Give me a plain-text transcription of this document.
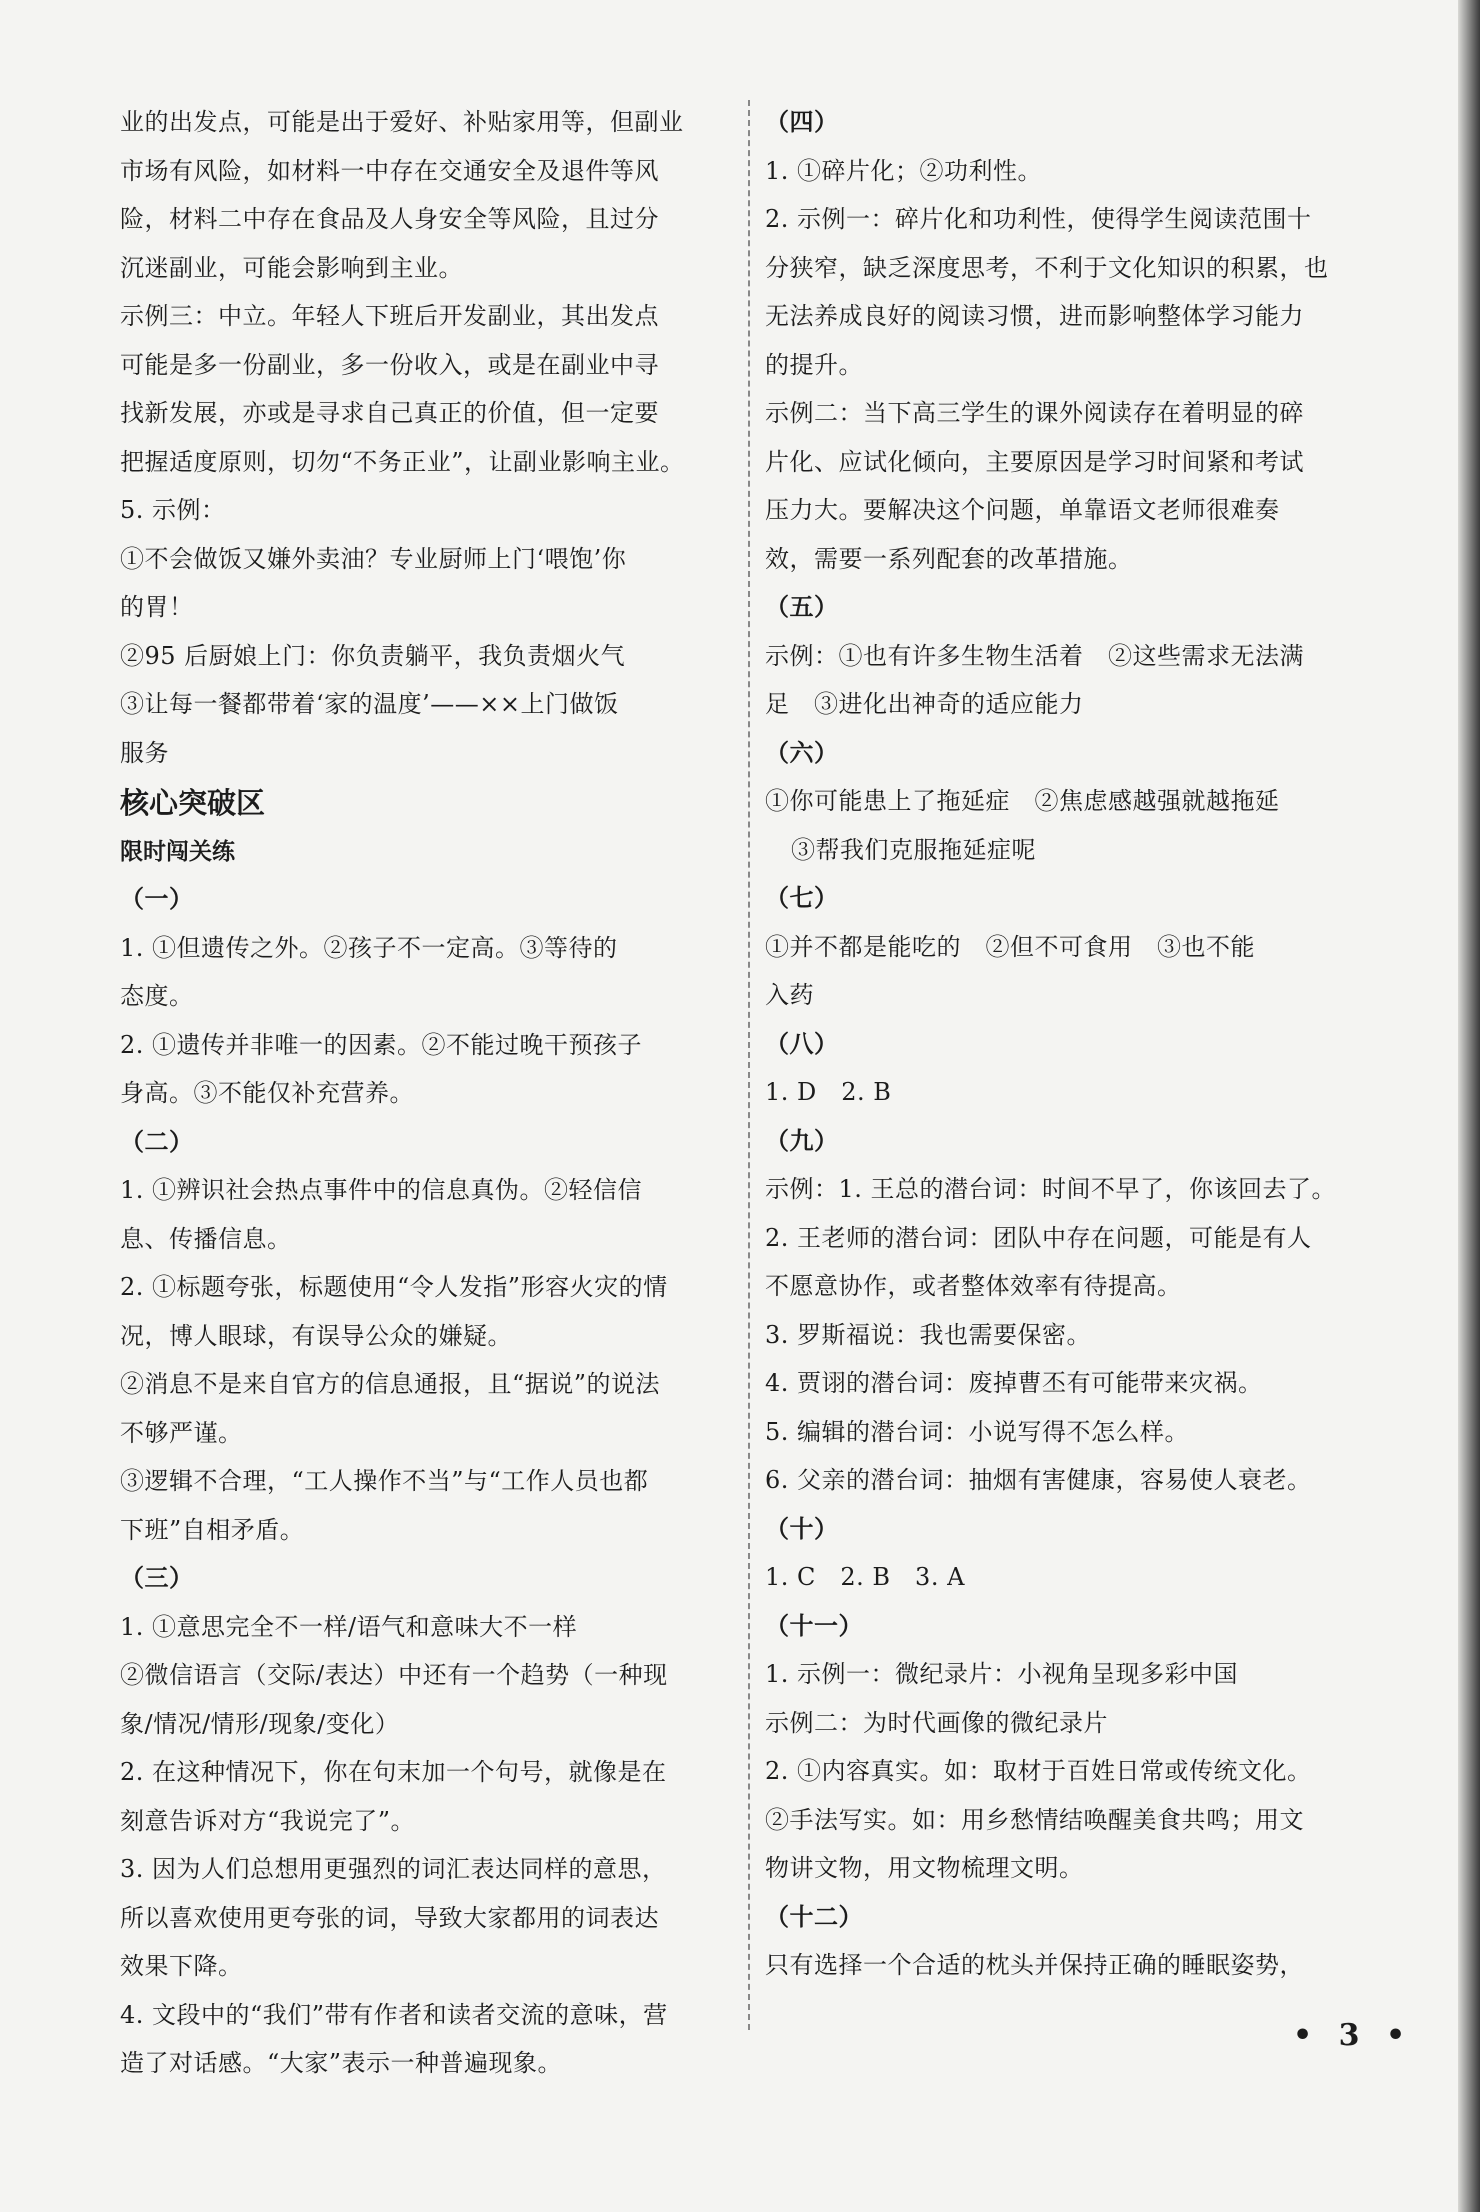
业的出发点，可能是出于爱好、补贴家用等，但副业
市场有风险，如材料一中存在交通安全及退件等风
险，材料二中存在食品及人身安全等风险，且过分
沉迷副业，可能会影响到主业。
示例三：中立。年轻人下班后开发副业，其出发点
可能是多一份副业，多一份收入，或是在副业中寻
找新发展，亦或是寻求自己真正的价值，但一定要
把握适度原则，切勿“不务正业”，让副业影响主业。
5. 示例：
①不会做饭又嫌外卖油？专业厨师上门‘喂饱’你
的胃！
②95 后厨娘上门：你负责躺平，我负责烟火气
③让每一餐都带着‘家的温度’——××上门做饭
服务
核心突破区
限时闯关练
（一）
1. ①但遗传之外。②孩子不一定高。③等待的
态度。
2. ①遗传并非唯一的因素。②不能过晚干预孩子
身高。③不能仅补充营养。
（二）
1. ①辨识社会热点事件中的信息真伪。②轻信信
息、传播信息。
2. ①标题夸张，标题使用“令人发指”形容火灾的情
况，博人眼球，有误导公众的嫌疑。
②消息不是来自官方的信息通报，且“据说”的说法
不够严谨。
③逻辑不合理，“工人操作不当”与“工作人员也都
下班”自相矛盾。
（三）
1. ①意思完全不一样/语气和意味大不一样
②微信语言（交际/表达）中还有一个趋势（一种现
象/情况/情形/现象/变化）
2. 在这种情况下，你在句末加一个句号，就像是在
刻意告诉对方“我说完了”。
3. 因为人们总想用更强烈的词汇表达同样的意思，
所以喜欢使用更夸张的词，导致大家都用的词表达
效果下降。
4. 文段中的“我们”带有作者和读者交流的意味，营
造了对话感。“大家”表示一种普遍现象。
（四）
1. ①碎片化；②功利性。
2. 示例一：碎片化和功利性，使得学生阅读范围十
分狭窄，缺乏深度思考，不利于文化知识的积累，也
无法养成良好的阅读习惯，进而影响整体学习能力
的提升。
示例二：当下高三学生的课外阅读存在着明显的碎
片化、应试化倾向，主要原因是学习时间紧和考试
压力大。要解决这个问题，单靠语文老师很难奏
效，需要一系列配套的改革措施。
（五）
示例：①也有许多生物生活着　②这些需求无法满
足　③进化出神奇的适应能力
（六）
①你可能患上了拖延症　②焦虑感越强就越拖延
③帮我们克服拖延症呢
（七）
①并不都是能吃的　②但不可食用　③也不能
入药
（八）
1. D　2. B
（九）
示例：1. 王总的潜台词：时间不早了，你该回去了。
2. 王老师的潜台词：团队中存在问题，可能是有人
不愿意协作，或者整体效率有待提高。
3. 罗斯福说：我也需要保密。
4. 贾诩的潜台词：废掉曹丕有可能带来灾祸。
5. 编辑的潜台词：小说写得不怎么样。
6. 父亲的潜台词：抽烟有害健康，容易使人衰老。
（十）
1. C　2. B　3. A
（十一）
1. 示例一：微纪录片：小视角呈现多彩中国
示例二：为时代画像的微纪录片
2. ①内容真实。如：取材于百姓日常或传统文化。
②手法写实。如：用乡愁情结唤醒美食共鸣；用文
物讲文物，用文物梳理文明。
（十二）
只有选择一个合适的枕头并保持正确的睡眠姿势，
• 3 •
